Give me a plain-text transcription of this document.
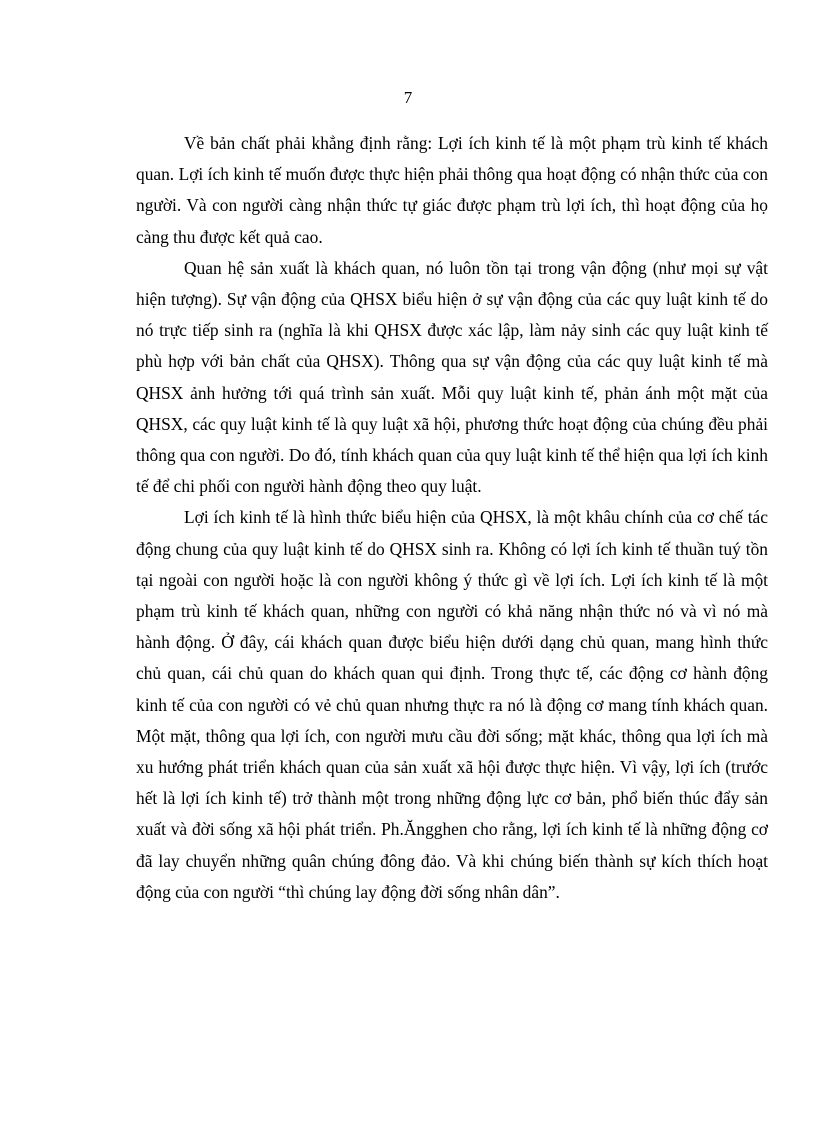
7

Về bản chất phải khẳng định rằng: Lợi ích kinh tế là một phạm trù kinh tế khách quan. Lợi ích kinh tế muốn được thực hiện phải thông qua hoạt động có nhận thức của con người. Và con người càng nhận thức tự giác được phạm trù lợi ích, thì hoạt động của họ càng thu được kết quả cao.

Quan hệ sản xuất là khách quan, nó luôn tồn tại trong vận động (như mọi sự vật hiện tượng). Sự vận động của QHSX biểu hiện ở sự vận động của các quy luật kinh tế do nó trực tiếp sinh ra (nghĩa là khi QHSX được xác lập, làm nảy sinh các quy luật kinh tế phù hợp với bản chất của QHSX). Thông qua sự vận động của các quy luật kinh tế mà QHSX ảnh hưởng tới quá trình sản xuất. Mỗi quy luật kinh tế, phản ánh một mặt của QHSX, các quy luật kinh tế là quy luật xã hội, phương thức hoạt động của chúng đều phải thông qua con người. Do đó, tính khách quan của quy luật kinh tế thể hiện qua lợi ích kinh tế để chi phối con người hành động theo quy luật.

Lợi ích kinh tế là hình thức biểu hiện của QHSX, là một khâu chính của cơ chế tác động chung của quy luật kinh tế do QHSX sinh ra. Không có lợi ích kinh tế thuần tuý tồn tại ngoài con người hoặc là con người không ý thức gì về lợi ích. Lợi ích kinh tế là một phạm trù kinh tế khách quan, những con người có khả năng nhận thức nó và vì nó mà hành động. Ở đây, cái khách quan được biểu hiện dưới dạng chủ quan, mang hình thức chủ quan, cái chủ quan do khách quan qui định. Trong thực tế, các động cơ hành động kinh tế của con người có vẻ chủ quan nhưng thực ra nó là động cơ mang tính khách quan. Một mặt, thông qua lợi ích, con người mưu cầu đời sống; mặt khác, thông qua lợi ích mà xu hướng phát triển khách quan của sản xuất xã hội được thực hiện. Vì vậy, lợi ích (trước hết là lợi ích kinh tế) trở thành một trong những động lực cơ bản, phổ biến thúc đẩy sản xuất và đời sống xã hội phát triển. Ph.Ăngghen cho rằng, lợi ích kinh tế là những động cơ đã lay chuyển những quân chúng đông đảo. Và khi chúng biến thành sự kích thích hoạt động của con người “thì chúng lay động đời sống nhân dân”.
